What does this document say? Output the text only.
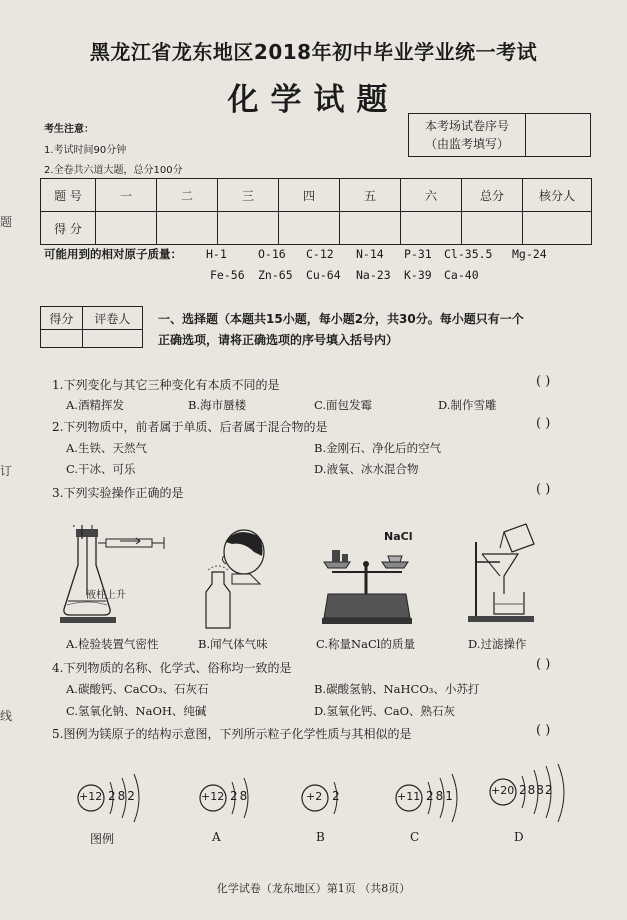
题
订
线
黑龙江省龙东地区2018年初中毕业学业统一考试
化学试题
考生注意：
1.考试时间90分钟
2.全卷共六道大题，总分100分
本考场试卷序号
（由监考填写）

题 号	一	二	三	四	五	六	总分	核分人
得 分								
可能用到的相对原子质量： H-1	O-16 C-12 N-14 P-31 Cl-35.5 Mg-24
Fe-56 Zn-65 Cu-64 Na-23 K-39 Ca-40
得分	评卷人
	一、选择题（本题共15小题，每小题2分，共30分。每小题只有一个
正确选项，请将正确选项的序号填入括号内）
1.下列变化与其它三种变化有本质不同的是	( )
A.酒精挥发	B.海市蜃楼	C.面包发霉	D.制作雪雕
2.下列物质中，前者属于单质、后者属于混合物的是	( )
A.生铁、天然气	B.金刚石、净化后的空气
C.干冰、可乐	D.液氧、冰水混合物
3.下列实验操作正确的是	( )
液柱上升
NaCl
A.检验装置气密性	B.闻气体气味	C.称量NaCl的质量	D.过滤操作
4.下列物质的名称、化学式、俗称均一致的是	( )
A.碳酸钙、CaCO₃、石灰石	B.碳酸氢钠、NaHCO₃、小苏打
C.氢氧化钠、NaOH、纯碱	D.氢氧化钙、CaO、熟石灰
5.图例为镁原子的结构示意图，下列所示粒子化学性质与其相似的是	( )
+12 282
图例
+12 28
A
+2 2
B
+11 281
C
+20 2882
D
化学试卷（龙东地区）第1页 （共8页）
